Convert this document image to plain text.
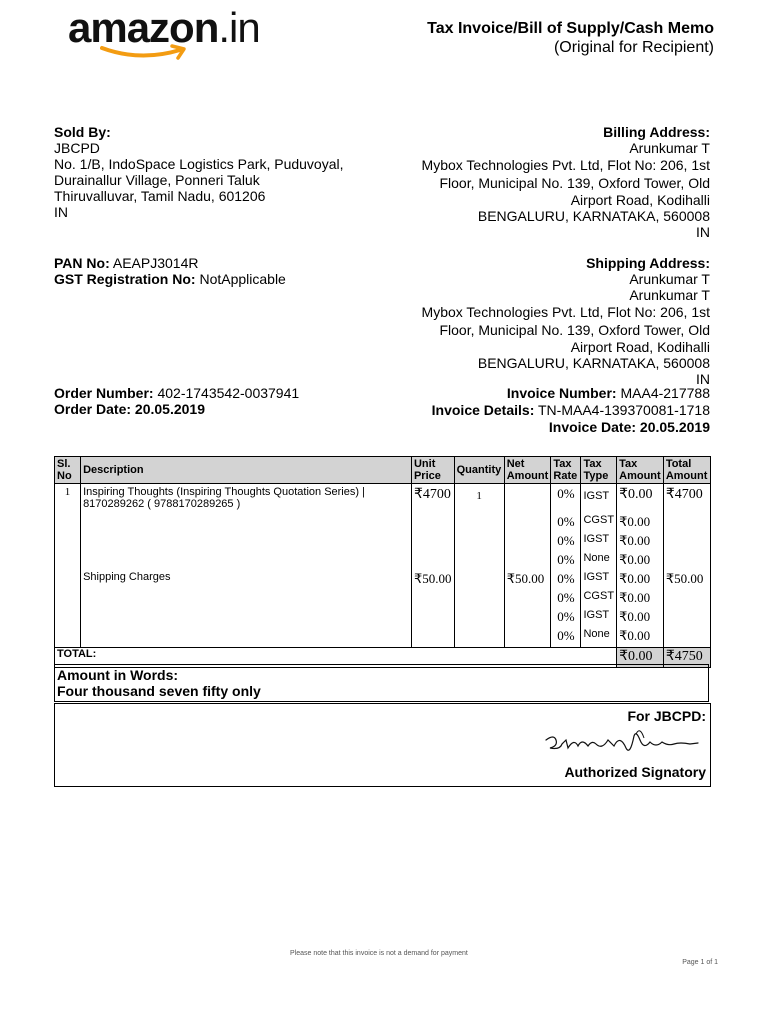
amazon.in	Tax Invoice/Bill of Supply/Cash Memo
(Original for Recipient)
Sold By:
JBCPD
No. 1/B, IndoSpace Logistics Park, Puduvoyal,
Durainallur Village, Ponneri Taluk
Thiruvalluvar, Tamil Nadu, 601206
IN
Billing Address:
Arunkumar T
Mybox Technologies Pvt. Ltd, Flot No: 206, 1st
Floor, Municipal No. 139, Oxford Tower, Old
Airport Road, Kodihalli
BENGALURU, KARNATAKA, 560008
IN
PAN No: AEAPJ3014R
GST Registration No: NotApplicable
Shipping Address:
Arunkumar T
Arunkumar T
Mybox Technologies Pvt. Ltd, Flot No: 206, 1st
Floor, Municipal No. 139, Oxford Tower, Old
Airport Road, Kodihalli
BENGALURU, KARNATAKA, 560008
IN
Order Number: 402-1743542-0037941
Order Date: 20.05.2019
Invoice Number: MAA4-217788
Invoice Details: TN-MAA4-139370081-1718
Invoice Date: 20.05.2019
Sl. No	Description	Unit Price	Quantity	Net Amount	Tax Rate	Tax Type	Tax Amount	Total Amount
1	Inspiring Thoughts (Inspiring Thoughts Quotation Series) | 8170289262 ( 9788170289265 )	₹4700	1		0%	IGST	₹0.00	₹4700
					0%	CGST	₹0.00	
					0%	IGST	₹0.00	
					0%	None	₹0.00	
	Shipping Charges	₹50.00		₹50.00	0%	IGST	₹0.00	₹50.00
					0%	CGST	₹0.00	
					0%	IGST	₹0.00	
					0%	None	₹0.00	
TOTAL:							₹0.00	₹4750
Amount in Words:
Four thousand seven fifty only
For JBCPD:
Authorized Signatory
Please note that this invoice is not a demand for payment
Page 1 of 1
